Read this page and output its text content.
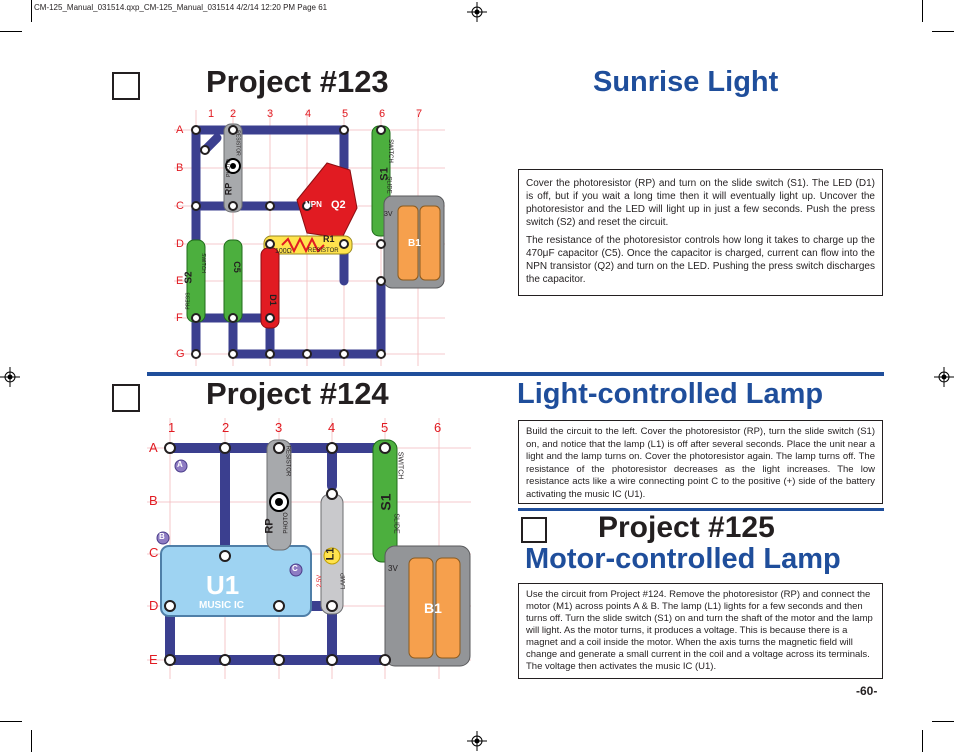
CM-125_Manual_031514.qxp_CM-125_Manual_031514 4/2/14 12:20 PM Page 61
Project #123	Sunrise Light
1 2	3	4	5	6	7
A
B
C
D
E
F
G
NPN Q2
R1
100Ω	RESISTOR
RP
PHOTO
RESISTOR
S1
SLIDE
SWITCH
S2
PRESS
SWITCH	C5
D1
B1
3V

Cover the photoresistor (RP) and turn on the slide switch (S1). The LED (D1) is off, but if you wait a long time then it will eventually light up. Uncover the photoresistor and the LED will light up in just a few seconds. Push the press switch (S2) and reset the circuit.

The resistance of the photoresistor controls how long it takes to charge up the 470μF capacitor (C5). Once the capacitor is charged, current can flow into the NPN transistor (Q2) and turn on the LED. Pushing the press switch discharges the capacitor.

Project #124	Light-controlled Lamp
1	2	3	4	5	6
A
B
C
D
E
A
B
C
U1
MUSIC IC
RP PHOTO
RESISTOR
L1
LAMP
2.5V
S1
SLIDE
SWITCH
B1
3V
Build the circuit to the left. Cover the photoresistor (RP), turn the slide switch (S1) on, and notice that the lamp (L1) is off after several seconds. Place the unit near a light and the lamp turns on. Cover the photoresistor again. The lamp turns off. The resistance of the photoresistor decreases as the light increases. The low resistance acts like a wire connecting point C to the positive (+) side of the battery activating the music IC (U1).
Project #125
Motor-controlled Lamp
Use the circuit from Project #124. Remove the photoresistor (RP) and connect the motor (M1) across points A & B. The lamp (L1) lights for a few seconds and then turns off. Turn the slide switch (S1) on and turn the shaft of the motor and the lamp will light. As the motor turns, it produces a voltage. This is because there is a magnet and a coil inside the motor. When the axis turns the magnetic field will change and generate a small current in the coil and a voltage across its terminals. The voltage then activates the music IC (U1).
-60-
